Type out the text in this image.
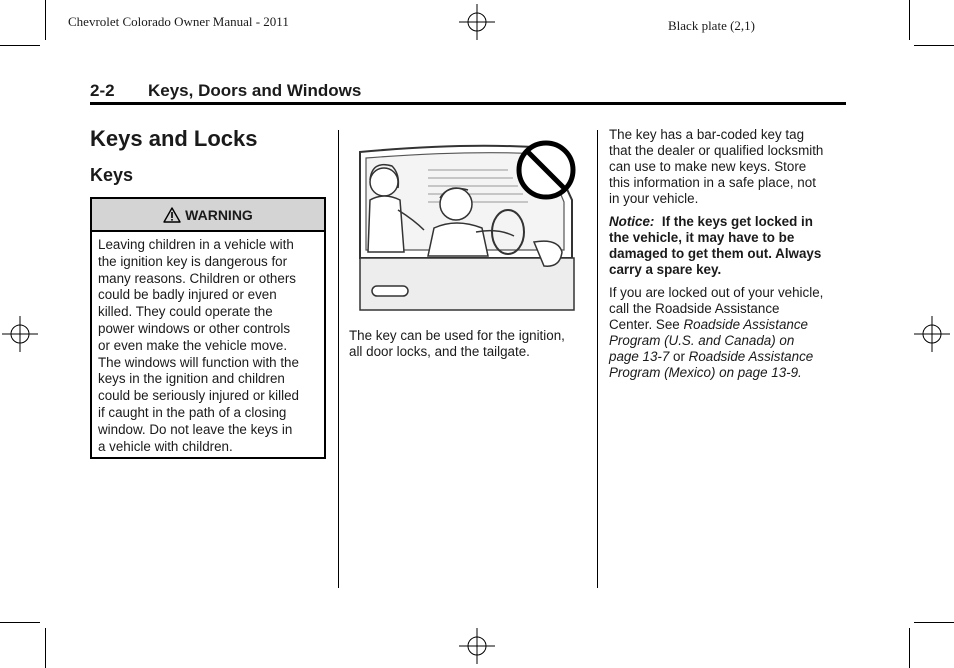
Chevrolet Colorado Owner Manual - 2011	Black plate (2,1)
2-2 Keys, Doors and Windows
Keys and Locks
Keys
WARNING
Leaving children in a vehicle with
the ignition key is dangerous for
many reasons. Children or others
could be badly injured or even
killed. They could operate the
power windows or other controls
or even make the vehicle move.
The windows will function with the
keys in the ignition and children
could be seriously injured or killed
if caught in the path of a closing
window. Do not leave the keys in
a vehicle with children.
The key can be used for the ignition,
all door locks, and the tailgate.
The key has a bar-coded key tag
that the dealer or qualified locksmith
can use to make new keys. Store
this information in a safe place, not
in your vehicle.
Notice: If the keys get locked in
the vehicle, it may have to be
damaged to get them out. Always
carry a spare key.
If you are locked out of your vehicle,
call the Roadside Assistance
Center. See Roadside Assistance
Program (U.S. and Canada) on
page 13-7 or Roadside Assistance
Program (Mexico) on page 13-9.
